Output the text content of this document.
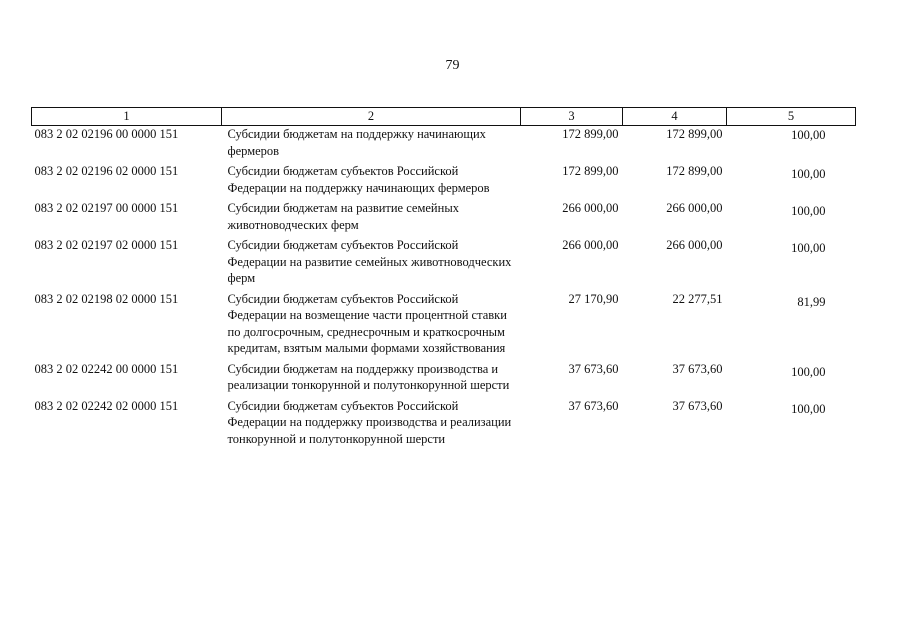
79
1	2	3	4	5
083 2 02 02196 00 0000 151	Субсидии бюджетам на поддержку начинающих фермеров	172 899,00	172 899,00	100,00
083 2 02 02196 02 0000 151	Субсидии бюджетам субъектов Российской Федерации на поддержку начинающих фермеров	172 899,00	172 899,00	100,00
083 2 02 02197 00 0000 151	Субсидии бюджетам на развитие семейных животноводческих ферм	266 000,00	266 000,00	100,00
083 2 02 02197 02 0000 151	Субсидии бюджетам субъектов Российской Федерации на развитие семейных животноводческих ферм	266 000,00	266 000,00	100,00
083 2 02 02198 02 0000 151	Субсидии бюджетам субъектов Российской Федерации на возмещение части процентной ставки по долгосрочным, среднесрочным и краткосрочным кредитам, взятым малыми формами хозяйствования	27 170,90	22 277,51	81,99
083 2 02 02242 00 0000 151	Субсидии бюджетам на поддержку производства и реализации тонкорунной и полутонкорунной шерсти	37 673,60	37 673,60	100,00
083 2 02 02242 02 0000 151	Субсидии бюджетам субъектов Российской Федерации на поддержку производства и реализации тонкорунной и полутонкорунной шерсти	37 673,60	37 673,60	100,00
